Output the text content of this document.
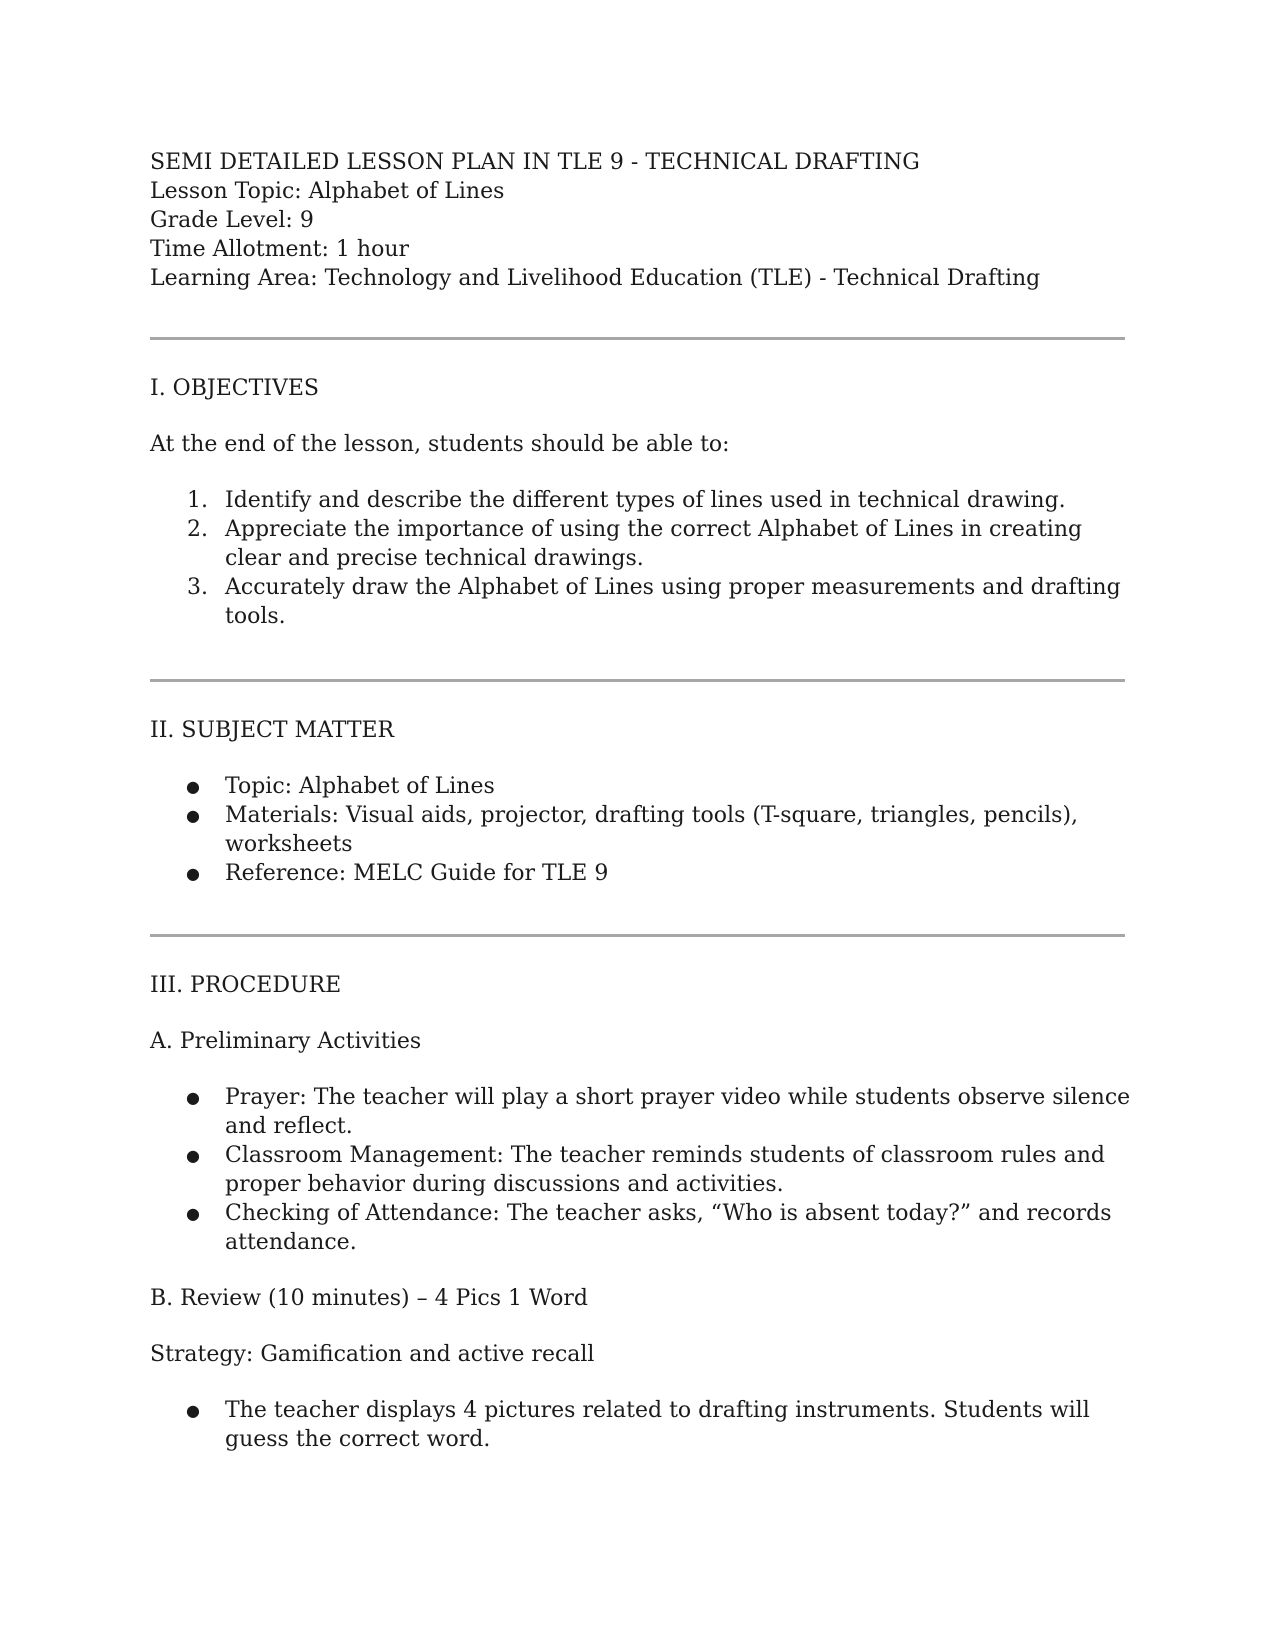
SEMI DETAILED LESSON PLAN IN TLE 9 - TECHNICAL DRAFTING

Lesson Topic: Alphabet of Lines

Grade Level: 9

Time Allotment: 1 hour

Learning Area: Technology and Livelihood Education (TLE) - Technical Drafting

I. OBJECTIVES

At the end of the lesson, students should be able to:

1. Identify and describe the different types of lines used in technical drawing.
2. Appreciate the importance of using the correct Alphabet of Lines in creating clear and precise technical drawings.
3. Accurately draw the Alphabet of Lines using proper measurements and drafting tools.

II. SUBJECT MATTER

● Topic: Alphabet of Lines
● Materials: Visual aids, projector, drafting tools (T-square, triangles, pencils), worksheets
● Reference: MELC Guide for TLE 9

III. PROCEDURE

A. Preliminary Activities

● Prayer: The teacher will play a short prayer video while students observe silence and reflect.
● Classroom Management: The teacher reminds students of classroom rules and proper behavior during discussions and activities.
● Checking of Attendance: The teacher asks, “Who is absent today?” and records attendance.

B. Review (10 minutes) – 4 Pics 1 Word

Strategy: Gamification and active recall

● The teacher displays 4 pictures related to drafting instruments. Students will guess the correct word.
